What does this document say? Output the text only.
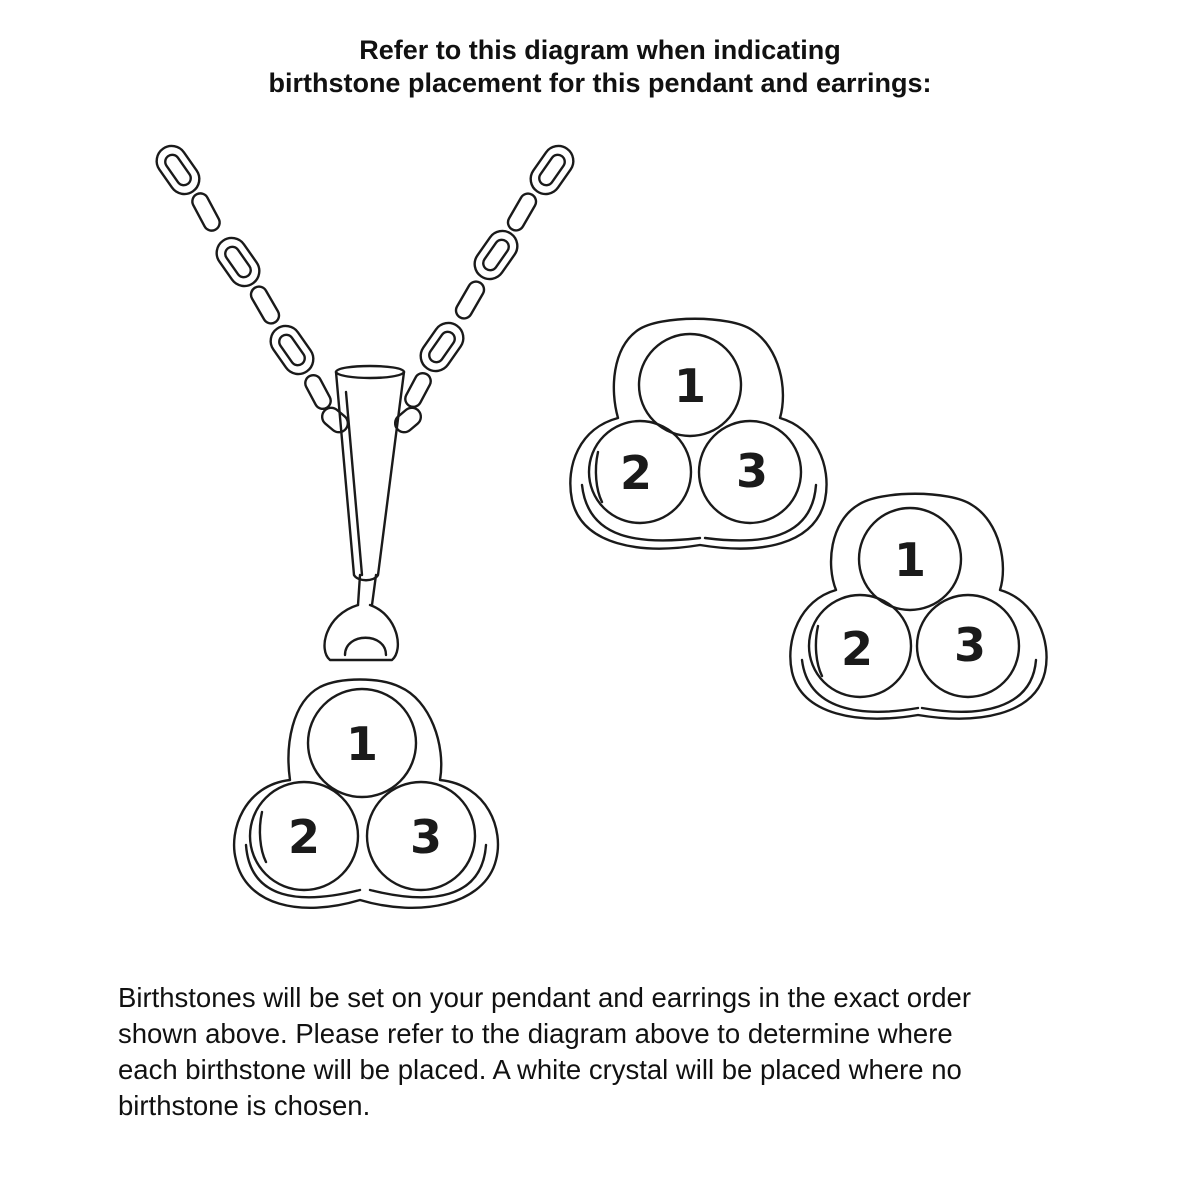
Refer to this diagram when indicating
birthstone placement for this pendant and earrings:
1
2 3
1
2 3
1
2 3
Birthstones will be set on your pendant and earrings in the exact order
shown above. Please refer to the diagram above to determine where
each birthstone will be placed. A white crystal will be placed where no
birthstone is chosen.
